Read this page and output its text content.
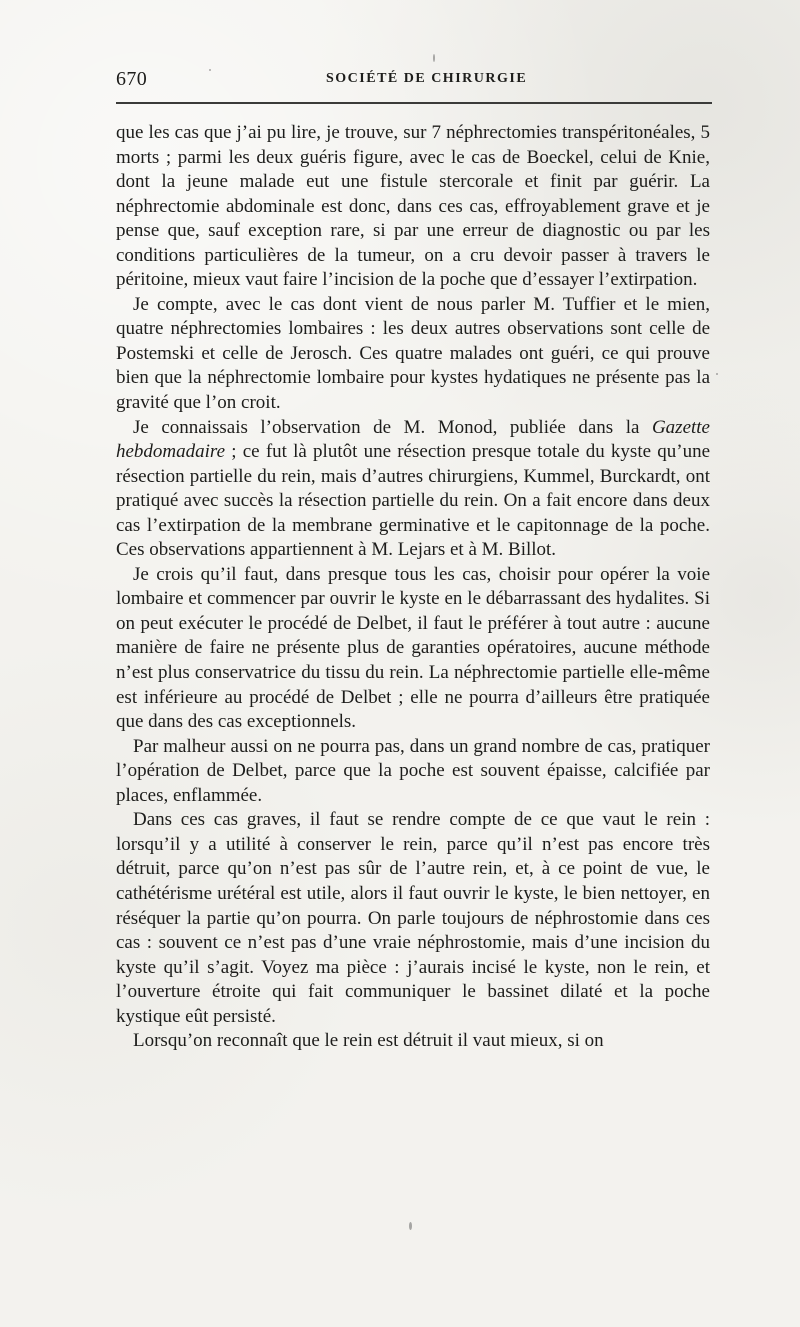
670	SOCIÉTÉ DE CHIRURGIE

que les cas que j’ai pu lire, je trouve, sur 7 néphrectomies transpéritonéales, 5 morts ; parmi les deux guéris figure, avec le cas de Boeckel, celui de Knie, dont la jeune malade eut une fistule stercorale et finit par guérir. La néphrectomie abdominale est donc, dans ces cas, effroyablement grave et je pense que, sauf exception rare, si par une erreur de diagnostic ou par les conditions particulières de la tumeur, on a cru devoir passer à travers le péritoine, mieux vaut faire l’incision de la poche que d’essayer l’extirpation.

Je compte, avec le cas dont vient de nous parler M. Tuffier et le mien, quatre néphrectomies lombaires : les deux autres observations sont celle de Postemski et celle de Jerosch. Ces quatre malades ont guéri, ce qui prouve bien que la néphrectomie lombaire pour kystes hydatiques ne présente pas la gravité que l’on croit.

Je connaissais l’observation de M. Monod, publiée dans la Gazette hebdomadaire ; ce fut là plutôt une résection presque totale du kyste qu’une résection partielle du rein, mais d’autres chirurgiens, Kummel, Burckardt, ont pratiqué avec succès la résection partielle du rein. On a fait encore dans deux cas l’extirpation de la membrane germinative et le capitonnage de la poche. Ces observations appartiennent à M. Lejars et à M. Billot.

Je crois qu’il faut, dans presque tous les cas, choisir pour opérer la voie lombaire et commencer par ouvrir le kyste en le débarrassant des hydalites. Si on peut exécuter le procédé de Delbet, il faut le préférer à tout autre : aucune manière de faire ne présente plus de garanties opératoires, aucune méthode n’est plus conservatrice du tissu du rein. La néphrectomie partielle elle-même est inférieure au procédé de Delbet ; elle ne pourra d’ailleurs être pratiquée que dans des cas exceptionnels.

Par malheur aussi on ne pourra pas, dans un grand nombre de cas, pratiquer l’opération de Delbet, parce que la poche est souvent épaisse, calcifiée par places, enflammée.

Dans ces cas graves, il faut se rendre compte de ce que vaut le rein : lorsqu’il y a utilité à conserver le rein, parce qu’il n’est pas encore très détruit, parce qu’on n’est pas sûr de l’autre rein, et, à ce point de vue, le cathétérisme urétéral est utile, alors il faut ouvrir le kyste, le bien nettoyer, en réséquer la partie qu’on pourra. On parle toujours de néphrostomie dans ces cas : souvent ce n’est pas d’une vraie néphrostomie, mais d’une incision du kyste qu’il s’agit. Voyez ma pièce : j’aurais incisé le kyste, non le rein, et l’ouverture étroite qui fait communiquer le bassinet dilaté et la poche kystique eût persisté.

Lorsqu’on reconnaît que le rein est détruit il vaut mieux, si on
